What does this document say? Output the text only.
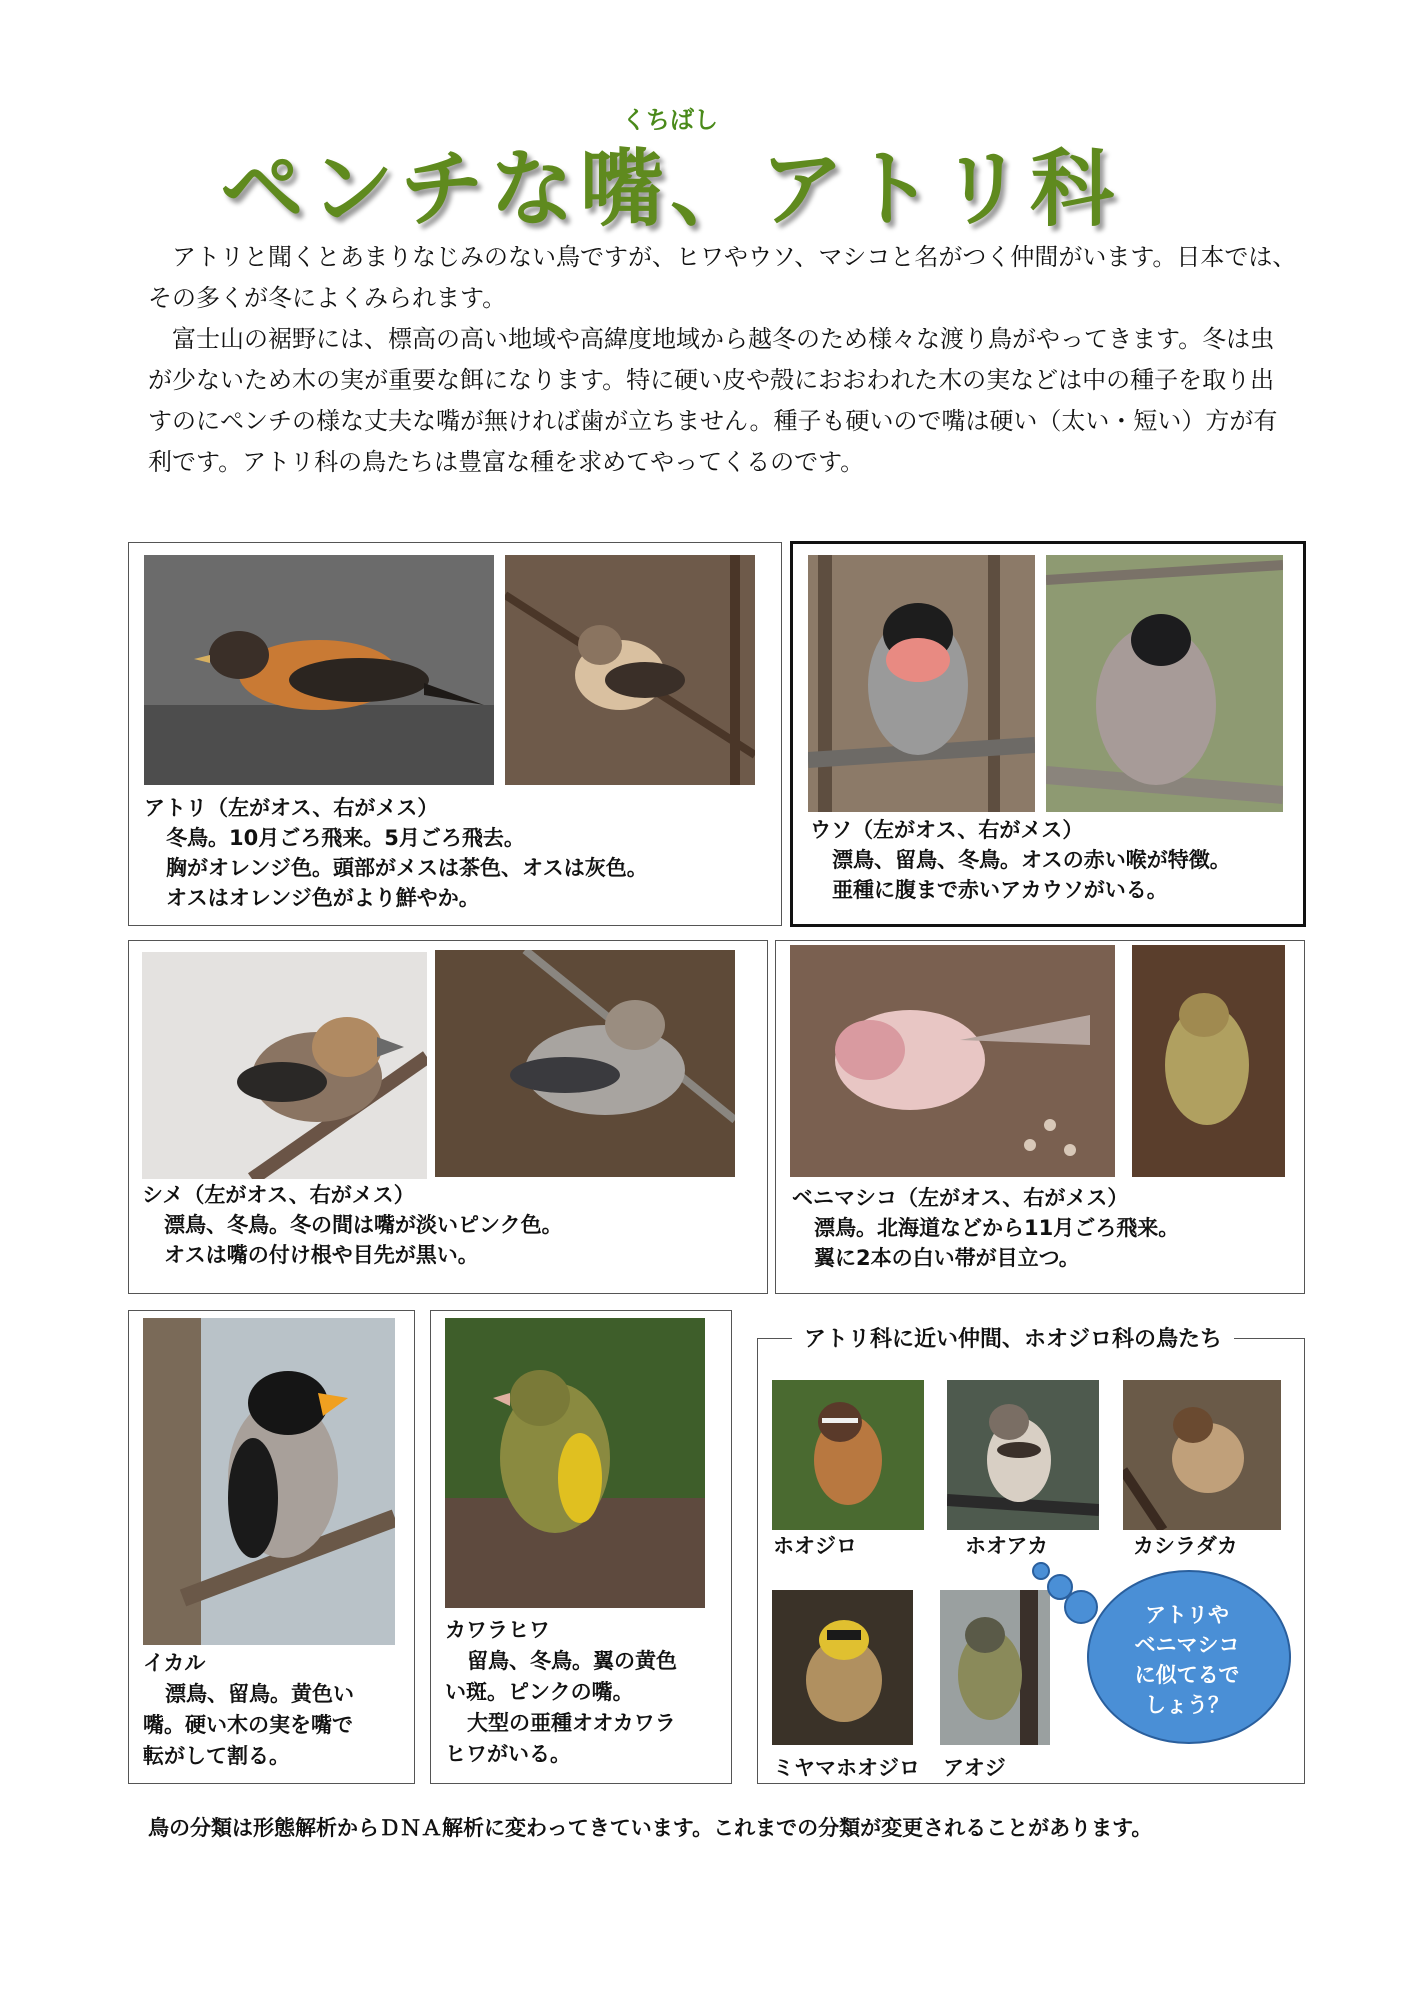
くちばし
ペンチな嘴、アトリ科

アトリと聞くとあまりなじみのない鳥ですが、ヒワやウソ、マシコと名がつく仲間がいます。日本では、その多くが冬によくみられます。

富士山の裾野には、標高の高い地域や高緯度地域から越冬のため様々な渡り鳥がやってきます。冬は虫が少ないため木の実が重要な餌になります。特に硬い皮や殻におおわれた木の実などは中の種子を取り出すのにペンチの様な丈夫な嘴が無ければ歯が立ちません。種子も硬いので嘴は硬い（太い・短い）方が有利です。アトリ科の鳥たちは豊富な種を求めてやってくるのです。

アトリ（左がオス、右がメス）
冬鳥。10月ごろ飛来。5月ごろ飛去。
胸がオレンジ色。頭部がメスは茶色、オスは灰色。
オスはオレンジ色がより鮮やか。
ウソ（左がオス、右がメス）
漂鳥、留鳥、冬鳥。オスの赤い喉が特徴。
亜種に腹まで赤いアカウソがいる。
シメ（左がオス、右がメス）
漂鳥、冬鳥。冬の間は嘴が淡いピンク色。
オスは嘴の付け根や目先が黒い。
ベニマシコ（左がオス、右がメス）
漂鳥。北海道などから11月ごろ飛来。
翼に2本の白い帯が目立つ。
イカル
漂鳥、留鳥。黄色い
嘴。硬い木の実を嘴で
転がして割る。
カワラヒワ
留鳥、冬鳥。翼の黄色
い斑。ピンクの嘴。
大型の亜種オオカワラ
ヒワがいる。
アトリ科に近い仲間、ホオジロ科の鳥たち
ホオジロ	ホオアカ	カシラダカ
ミヤマホオジロ アオジ
アトリや
ベニマシコ
に似てるで
しょう？
鳥の分類は形態解析からＤＮＡ解析に変わってきています。これまでの分類が変更されることがあります。
